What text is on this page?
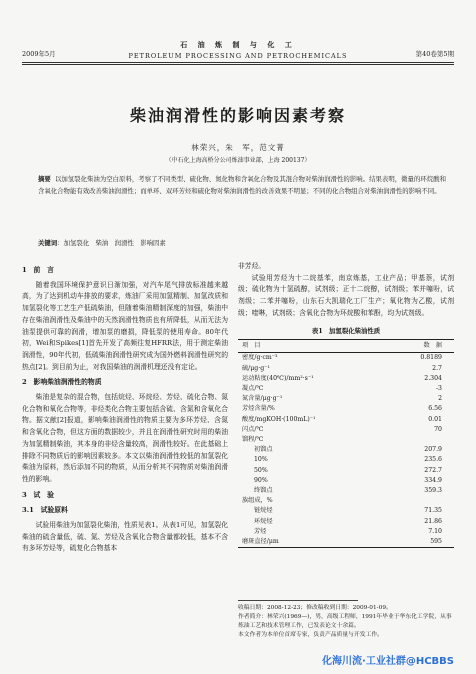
2009年5月
石 油 炼 制 与 化 工
PETROLEUM PROCESSING AND PETROCHEMICALS	第40卷第5期
柴油润滑性的影响因素考察
林荣兴，朱　军，范文菁
（中石化上海高桥分公司炼油事业部，上海 200137）
摘要 以加氢裂化柴油为空白原料，考察了不同类型、硫化物、氮化物和含氧化合物及其混合物对柴油润滑性的影响。结果表明，微量的环烷酸和含氧化合物能有效改善柴油润滑性；而单环、双环芳烃和硫化物对柴油润滑性的改善效果不明显；不同的化合物组合对柴油润滑性的影响不同。
关键词：加氢裂化　柴油　润滑性　影响因素
1　前　言

随着我国环境保护意识日渐加强，对汽车尾气排放标准越来越高，为了达到机动车排放的要求，炼油厂采用加氢精制、加氢改质和加氢裂化等工艺生产低硫柴油，但随着柴油精制深度的加强，柴油中存在柴油润滑性及柴油中的天然润滑性物质也有所降低，从而无法为油泵提供可靠的润滑，增加泵的磨损，降低泵的使用寿命。80年代初，Wei和Spikes[1]首先开发了高频往复HFRR法，用于测定柴油润滑性，90年代初，低硫柴油润滑性研究成为国外燃料润滑性研究的热点[2]。到目前为止，对我国柴油的润滑机理还没有定论。

2　影响柴油润滑性的物质

柴油是复杂的混合物，包括烷烃、环烷烃、芳烃、硫化合物、氮化合物和氧化合物等，非烃类化合物主要包括含硫、含氮和含氧化合物。据文献[2]报道，影响柴油润滑性的物质主要为多环芳烃、含氮和含氧化合物，但这方面的数据较少，并且在润滑性研究时用的柴油为加氢精制柴油，其本身的非烃含量较高，润滑性较好。在此基础上排除不同物质后的影响因素较多。本文以柴油润滑性较低的加氢裂化柴油为原料，然后添加不同的物质，从而分析其不同物质对柴油润滑性的影响。

3　试　验
3.1　试验原料

试验用柴油为加氢裂化柴油，性质见表1。从表1可见，加氢裂化柴油的硫含量低，硫、氮、芳烃及含氧化合物含量都较低，基本不含有多环芳烃等，硫复化合物基本

非芳烃。

试验用芳烃为十二烷基苯，南京炼基，工业产品；甲基萘，试剂级；硫化物为十氢硫醇，试剂级；正十二烷醇，试剂级；苯并噻吩，试剂级；二苯并噻吩，山东石大凯瑞化工厂生产；氧化物为乙酸，试剂级；喹啉，试剂级；含氧化合物为环烷酸和苯酚，均为试剂级。

表1　加氢裂化柴油性质
项　目	数　据
密度/g·cm⁻³	0.8189
硫/μg·g⁻¹	2.7
运动粘度(40℃)/mm²·s⁻¹	2.304
凝点/℃	-3
氮含量/μg·g⁻¹	2
芳烃含量/%	6.56
酸度/mgKOH·(100mL)⁻¹	0.01
闪点/℃	70
馏程/℃	
初馏点	207.9
10%	235.6
50%	272.7
90%	334.9
终馏点	359.3
族组成，%	
链烷烃	71.35
环烷烃	21.86
芳烃	7.10
磨斑直径/μm	595
收稿日期：2008-12-23；修改稿收到日期：2009-01-09。
作者简介：林荣兴(1969—)，男，高级工程师，1991年毕业于华东化工学院，从事炼油工艺和技术管理工作，已发表论文十余篇。
本文作者为本单位首席专家，负责产品质量与开发工作。
化海川流·工业社群@HCBBS
